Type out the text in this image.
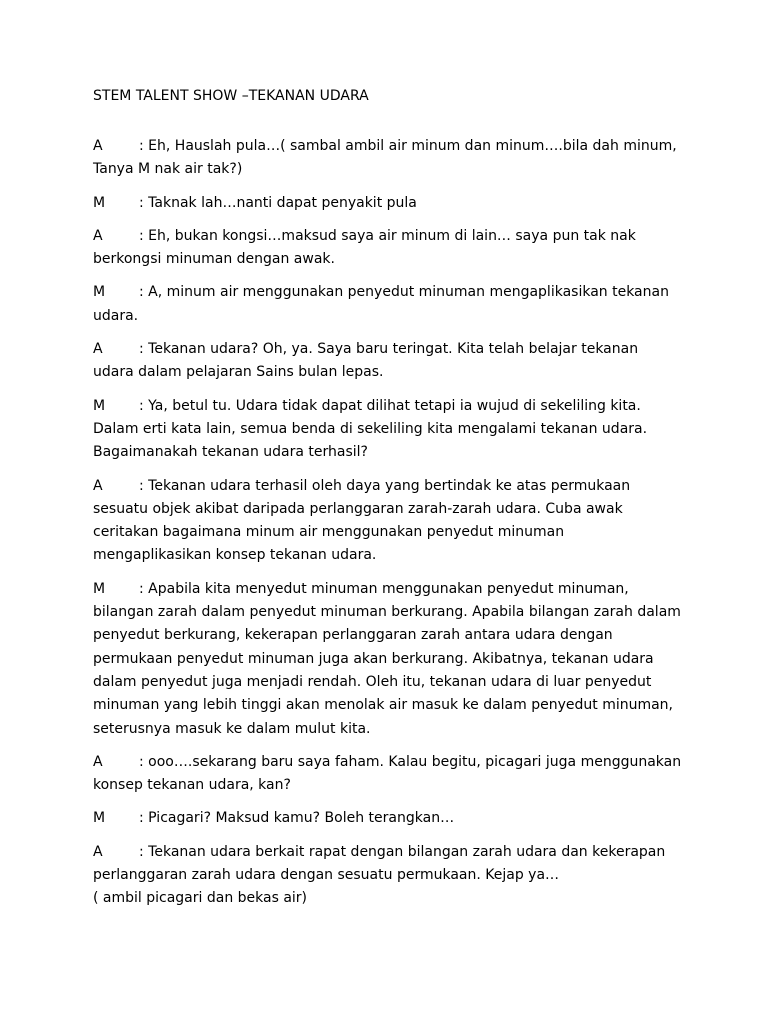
STEM TALENT SHOW –TEKANAN UDARA
A	: Eh, Hauslah pula…( sambal ambil air minum dan minum….bila dah minum, Tanya M nak air tak?)
M : Taknak lah…nanti dapat penyakit pula
A	: Eh, bukan kongsi…maksud saya air minum di lain… saya pun tak nak berkongsi minuman dengan awak.
M : A, minum air menggunakan penyedut minuman mengaplikasikan tekanan udara.
A	: Tekanan udara? Oh, ya. Saya baru teringat. Kita telah belajar tekanan udara dalam pelajaran Sains bulan lepas.
M : Ya, betul tu. Udara tidak dapat dilihat tetapi ia wujud di sekeliling kita. Dalam erti kata lain, semua benda di sekeliling kita mengalami tekanan udara. Bagaimanakah tekanan udara terhasil?
A	: Tekanan udara terhasil oleh daya yang bertindak ke atas permukaan sesuatu objek akibat daripada perlanggaran zarah-zarah udara. Cuba awak ceritakan bagaimana minum air menggunakan penyedut minuman mengaplikasikan konsep tekanan udara.
M : Apabila kita menyedut minuman menggunakan penyedut minuman, bilangan zarah dalam penyedut minuman berkurang. Apabila bilangan zarah dalam penyedut berkurang, kekerapan perlanggaran zarah antara udara dengan permukaan penyedut minuman juga akan berkurang. Akibatnya, tekanan udara dalam penyedut juga menjadi rendah. Oleh itu, tekanan udara di luar penyedut minuman yang lebih tinggi akan menolak air masuk ke dalam penyedut minuman, seterusnya masuk ke dalam mulut kita.
A	: ooo….sekarang baru saya faham. Kalau begitu, picagari juga menggunakan konsep tekanan udara, kan?
M : Picagari? Maksud kamu? Boleh terangkan…
A	: Tekanan udara berkait rapat dengan bilangan zarah udara dan kekerapan perlanggaran zarah udara dengan sesuatu permukaan. Kejap ya…
( ambil picagari dan bekas air)
